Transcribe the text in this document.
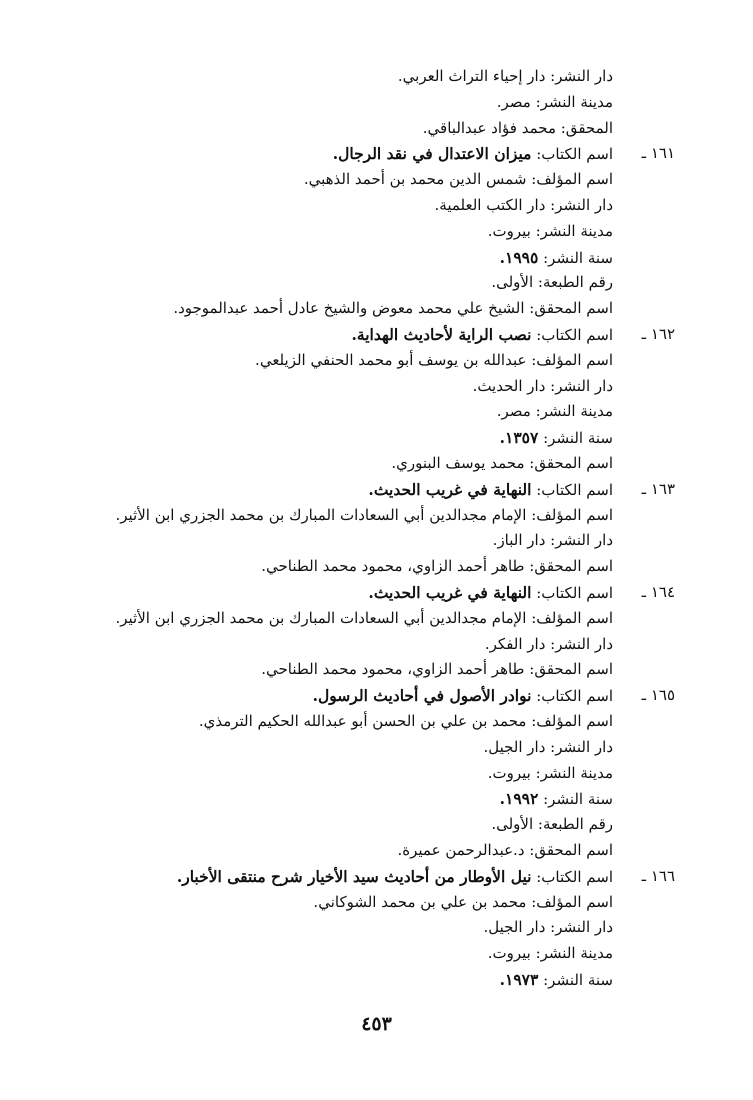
دار النشر: دار إحياء التراث العربي.
مدينة النشر: مصر.
المحقق: محمد فؤاد عبدالباقي.
١٦١ ـ
اسم الكتاب: ميزان الاعتدال في نقد الرجال.
اسم المؤلف: شمس الدين محمد بن أحمد الذهبي.
دار النشر: دار الكتب العلمية.
مدينة النشر: بيروت.
سنة النشر: ١٩٩٥.
رقم الطبعة: الأولى.
اسم المحقق: الشيخ علي محمد معوض والشيخ عادل أحمد عبدالموجود.
١٦٢ ـ
اسم الكتاب: نصب الراية لأحاديث الهداية.
اسم المؤلف: عبدالله بن يوسف أبو محمد الحنفي الزيلعي.
دار النشر: دار الحديث.
مدينة النشر: مصر.
سنة النشر: ١٣٥٧.
اسم المحقق: محمد يوسف البنوري.
١٦٣ ـ
اسم الكتاب: النهاية في غريب الحديث.
اسم المؤلف: الإمام مجدالدين أبي السعادات المبارك بن محمد الجزري ابن الأثير.
دار النشر: دار الباز.
اسم المحقق: طاهر أحمد الزاوي، محمود محمد الطناحي.
١٦٤ ـ
اسم الكتاب: النهاية في غريب الحديث.
اسم المؤلف: الإمام مجدالدين أبي السعادات المبارك بن محمد الجزري ابن الأثير.
دار النشر: دار الفكر.
اسم المحقق: طاهر أحمد الزاوي، محمود محمد الطناحي.
١٦٥ ـ
اسم الكتاب: نوادر الأصول في أحاديث الرسول.
اسم المؤلف: محمد بن علي بن الحسن أبو عبدالله الحكيم الترمذي.
دار النشر: دار الجيل.
مدينة النشر: بيروت.
سنة النشر: ١٩٩٢.
رقم الطبعة: الأولى.
اسم المحقق: د.عبدالرحمن عميرة.
١٦٦ ـ
اسم الكتاب: نيل الأوطار من أحاديث سيد الأخيار شرح منتقى الأخبار.
اسم المؤلف: محمد بن علي بن محمد الشوكاني.
دار النشر: دار الجيل.
مدينة النشر: بيروت.
سنة النشر: ١٩٧٣.
٤٥٣
